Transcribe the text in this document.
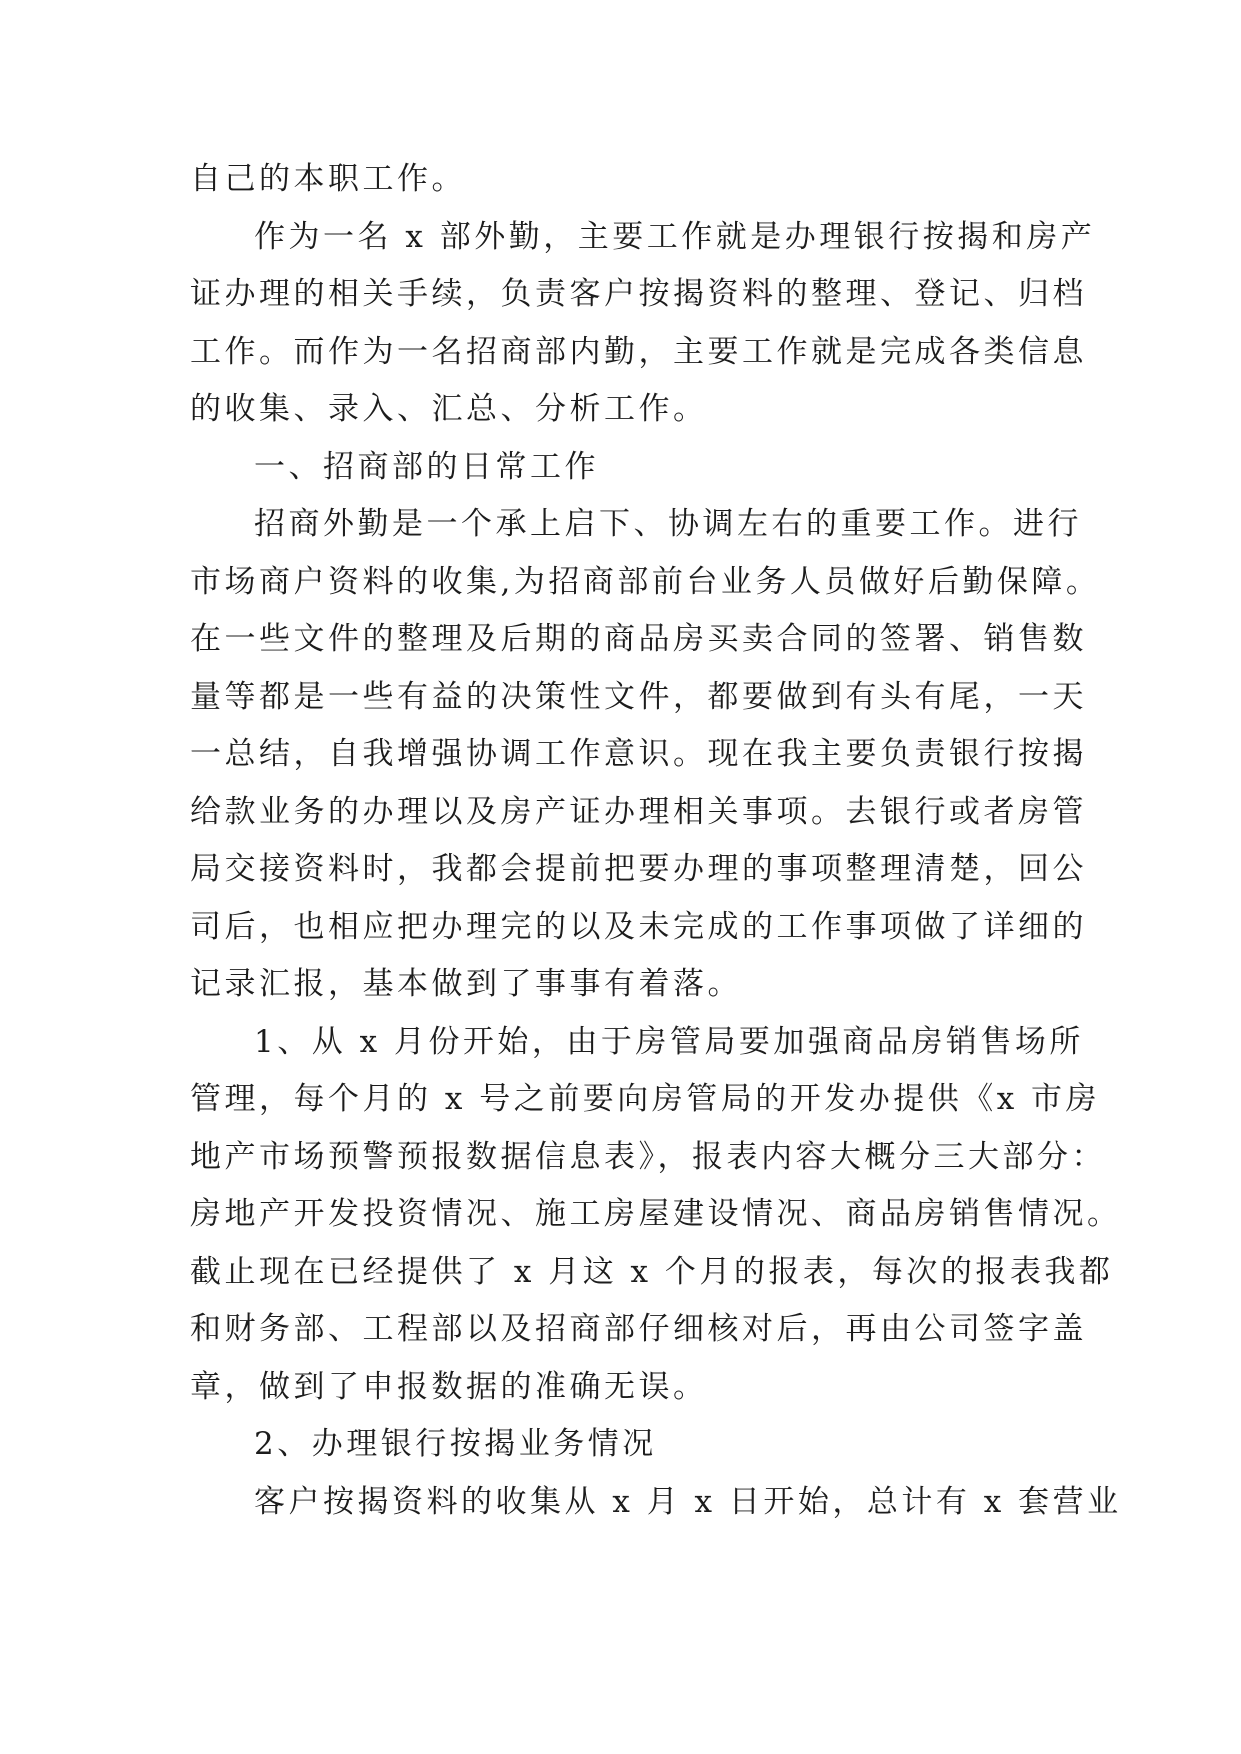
自己的本职工作。
作为一名 x 部外勤，主要工作就是办理银行按揭和房产
证办理的相关手续，负责客户按揭资料的整理、登记、归档
工作。而作为一名招商部内勤，主要工作就是完成各类信息
的收集、录入、汇总、分析工作。
一、招商部的日常工作
招商外勤是一个承上启下、协调左右的重要工作。进行
市场商户资料的收集,为招商部前台业务人员做好后勤保障。
在一些文件的整理及后期的商品房买卖合同的签署、销售数
量等都是一些有益的决策性文件，都要做到有头有尾，一天
一总结，自我增强协调工作意识。现在我主要负责银行按揭
给款业务的办理以及房产证办理相关事项。去银行或者房管
局交接资料时，我都会提前把要办理的事项整理清楚，回公
司后，也相应把办理完的以及未完成的工作事项做了详细的
记录汇报，基本做到了事事有着落。
1、从 x 月份开始，由于房管局要加强商品房销售场所
管理，每个月的 x 号之前要向房管局的开发办提供《x 市房
地产市场预警预报数据信息表》，报表内容大概分三大部分：
房地产开发投资情况、施工房屋建设情况、商品房销售情况。
截止现在已经提供了 x 月这 x 个月的报表，每次的报表我都
和财务部、工程部以及招商部仔细核对后，再由公司签字盖
章，做到了申报数据的准确无误。
2、办理银行按揭业务情况
客户按揭资料的收集从 x 月 x 日开始，总计有 x 套营业
